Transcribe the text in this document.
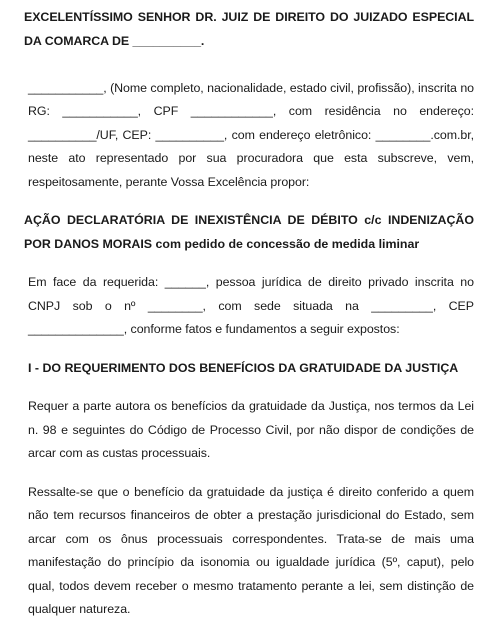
EXCELENTÍSSIMO SENHOR DR. JUIZ DE DIREITO DO JUIZADO ESPECIAL DA COMARCA DE __________.

___________, (Nome completo, nacionalidade, estado civil, profissão), inscrita no RG: ___________, CPF ____________, com residência no endereço: __________/UF, CEP: __________, com endereço eletrônico: ________.com.br, neste ato representado por sua procuradora que esta subscreve, vem, respeitosamente, perante Vossa Excelência propor:

AÇÃO DECLARATÓRIA DE INEXISTÊNCIA DE DÉBITO c/c INDENIZAÇÃO POR DANOS MORAIS com pedido de concessão de medida liminar

Em face da requerida: ______, pessoa jurídica de direito privado inscrita no CNPJ sob o nº ________, com sede situada na _________, CEP ______________, conforme fatos e fundamentos a seguir expostos:

I - DO REQUERIMENTO DOS BENEFÍCIOS DA GRATUIDADE DA JUSTIÇA

Requer a parte autora os benefícios da gratuidade da Justiça, nos termos da Lei n. 98 e seguintes do Código de Processo Civil, por não dispor de condições de arcar com as custas processuais.

Ressalte-se que o benefício da gratuidade da justiça é direito conferido a quem não tem recursos financeiros de obter a prestação jurisdicional do Estado, sem arcar com os ônus processuais correspondentes. Trata-se de mais uma manifestação do princípio da isonomia ou igualdade jurídica (5º, caput), pelo qual, todos devem receber o mesmo tratamento perante a lei, sem distinção de qualquer natureza.
